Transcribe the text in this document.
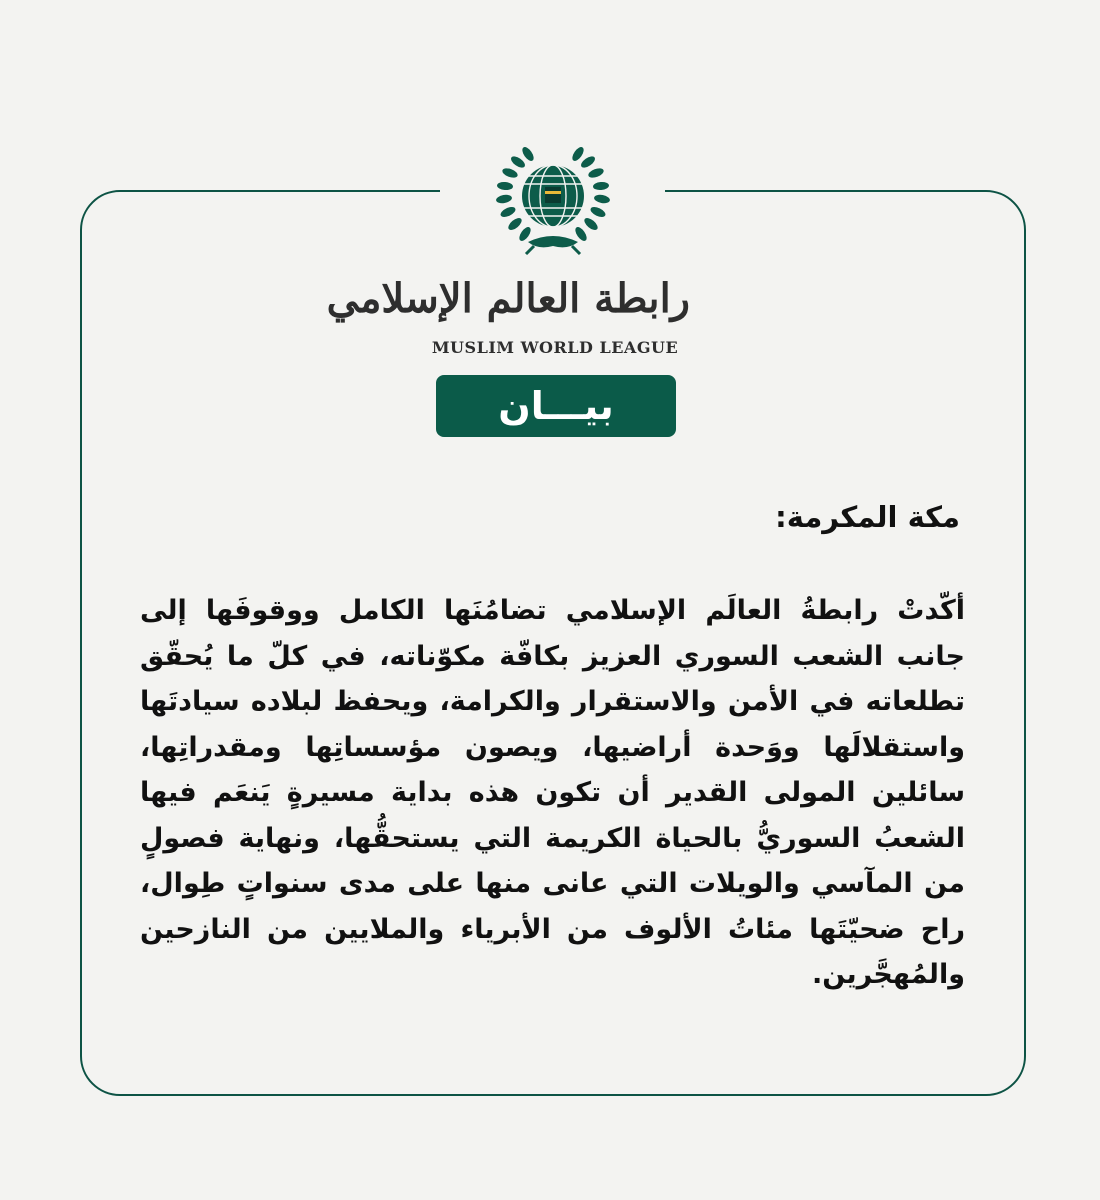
رابطة العالم الإسلامي
MUSLIM WORLD LEAGUE
بيـــان
مكة المكرمة:
أكّدتْ رابطةُ العالَم الإسلامي تضامُنَها الكامل ووقوفَها إلى جانب الشعب السوري العزيز بكافّة مكوّناته، في كلّ ما يُحقّق تطلعاته في الأمن والاستقرار والكرامة، ويحفظ لبلاده سيادتَها واستقلالَها ووَحدة أراضيها، ويصون مؤسساتِها ومقدراتِها، سائلين المولى القدير أن تكون هذه بداية مسيرةٍ يَنعَم فيها الشعبُ السوريُّ بالحياة الكريمة التي يستحقُّها، ونهاية فصولٍ من المآسي والويلات التي عانى منها على مدى سنواتٍ طِوال، راح ضحيّتَها مئاتُ الألوف من الأبرياء والملايين من النازحين والمُهجَّرين.
